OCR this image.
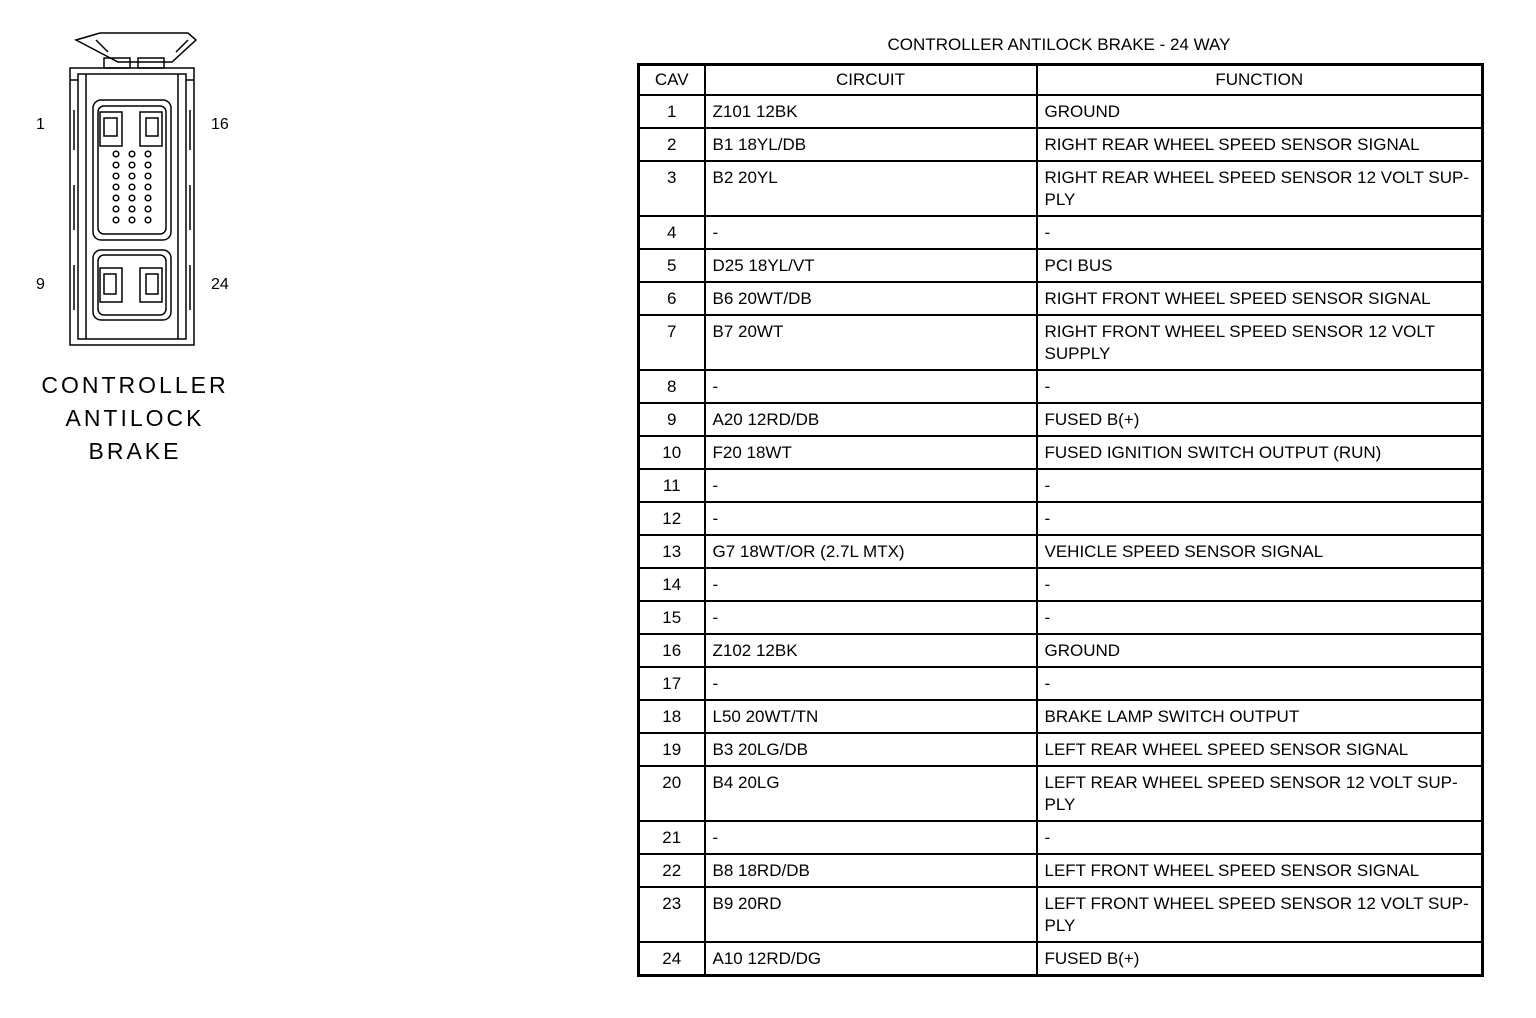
1	16
9	24
CONTROLLER
ANTILOCK
BRAKE
CONTROLLER ANTILOCK BRAKE - 24 WAY
CAV	CIRCUIT	FUNCTION
1	Z101 12BK	GROUND
2	B1 18YL/DB	RIGHT REAR WHEEL SPEED SENSOR SIGNAL
3	B2 20YL	RIGHT REAR WHEEL SPEED SENSOR 12 VOLT SUP-PLY
4	-	-
5	D25 18YL/VT	PCI BUS
6	B6 20WT/DB	RIGHT FRONT WHEEL SPEED SENSOR SIGNAL
7	B7 20WT	RIGHT FRONT WHEEL SPEED SENSOR 12 VOLT SUPPLY
8	-	-
9	A20 12RD/DB	FUSED B(+)
10	F20 18WT	FUSED IGNITION SWITCH OUTPUT (RUN)
11	-	-
12	-	-
13	G7 18WT/OR (2.7L MTX)	VEHICLE SPEED SENSOR SIGNAL
14	-	-
15	-	-
16	Z102 12BK	GROUND
17	-	-
18	L50 20WT/TN	BRAKE LAMP SWITCH OUTPUT
19	B3 20LG/DB	LEFT REAR WHEEL SPEED SENSOR SIGNAL
20	B4 20LG	LEFT REAR WHEEL SPEED SENSOR 12 VOLT SUP-PLY
21	-	-
22	B8 18RD/DB	LEFT FRONT WHEEL SPEED SENSOR SIGNAL
23	B9 20RD	LEFT FRONT WHEEL SPEED SENSOR 12 VOLT SUP-PLY
24	A10 12RD/DG	FUSED B(+)
